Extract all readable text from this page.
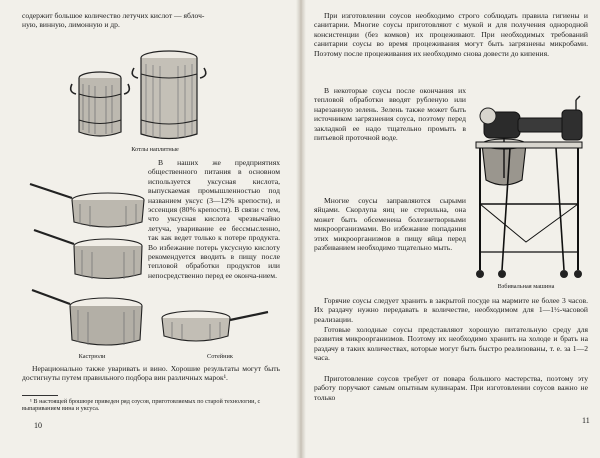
содержит большое количество летучих кислот — яблоч-
ную, винную, лимонную и др.

Котлы наплитные

В наших же предприятиях общественного питания в основном используется уксусная кислота, выпускаемая промышленностью под названием уксус (3—12% крепости), и эссенция (80% крепости). В связи с тем, что уксусная кислота чрезвычайно летуча, уваривание ее бессмысленно, так как ведет только к потере продукта. Во избежание потерь уксусную кислоту рекомендуется вводить в пищу после тепловой обработки продуктов или непосредственно перед ее оконча-нием.

Кастрюли	Сотейник

Нерационально также уваривать и вино. Хорошие результаты могут быть достигнуты путем правильного подбора вин различных марок¹.

¹ В настоящей брошюре приведен ряд соусов, приготовляемых по старой технологии, с выпариванием вина и уксуса.

10

При изготовлении соусов необходимо строго соблюдать правила гигиены и санитарии. Многие соусы приготовляют с мукой и для получения однородной консистенции (без комков) их процеживают. При необходимых требований санитарии соусы во время процеживания могут быть загрязнены микробами. Поэтому после процеживания их необходимо снова довести до кипения.

В некоторые соусы после окончания их тепловой обработки вводят рубленую или нарезанную зелень. Зелень также может быть источником загрязнения соуса, поэтому перед закладкой ее надо тщательно промыть в питьевой проточной воде.

Многие соусы заправляются сырыми яйцами. Скорлупа яиц не стерильна, она может быть обсеменена болезнетворными микроорганизмами. Во избежание попадания этих микроорганизмов в пищу яйца перед разбиванием необходимо тщательно мыть.

Взбивальная машина

Горячие соусы следует хранить в закрытой посуде на мармите не более 3 часов. Их раздачу нужно передавать в количестве, необходимом для 1—1½-часовой реализации.

Готовые холодные соусы представляют хорошую питательную среду для развития микроорганизмов. Поэтому их необходимо хранить на холоде и брать на раздачу в таких количествах, которые могут быть быстро реализованы, т. е. за 1—2 часа.

Приготовление соусов требует от повара большого мастерства, поэтому эту работу поручают самым опытным кулинарам. При изготовлении соусов важно не только

11
